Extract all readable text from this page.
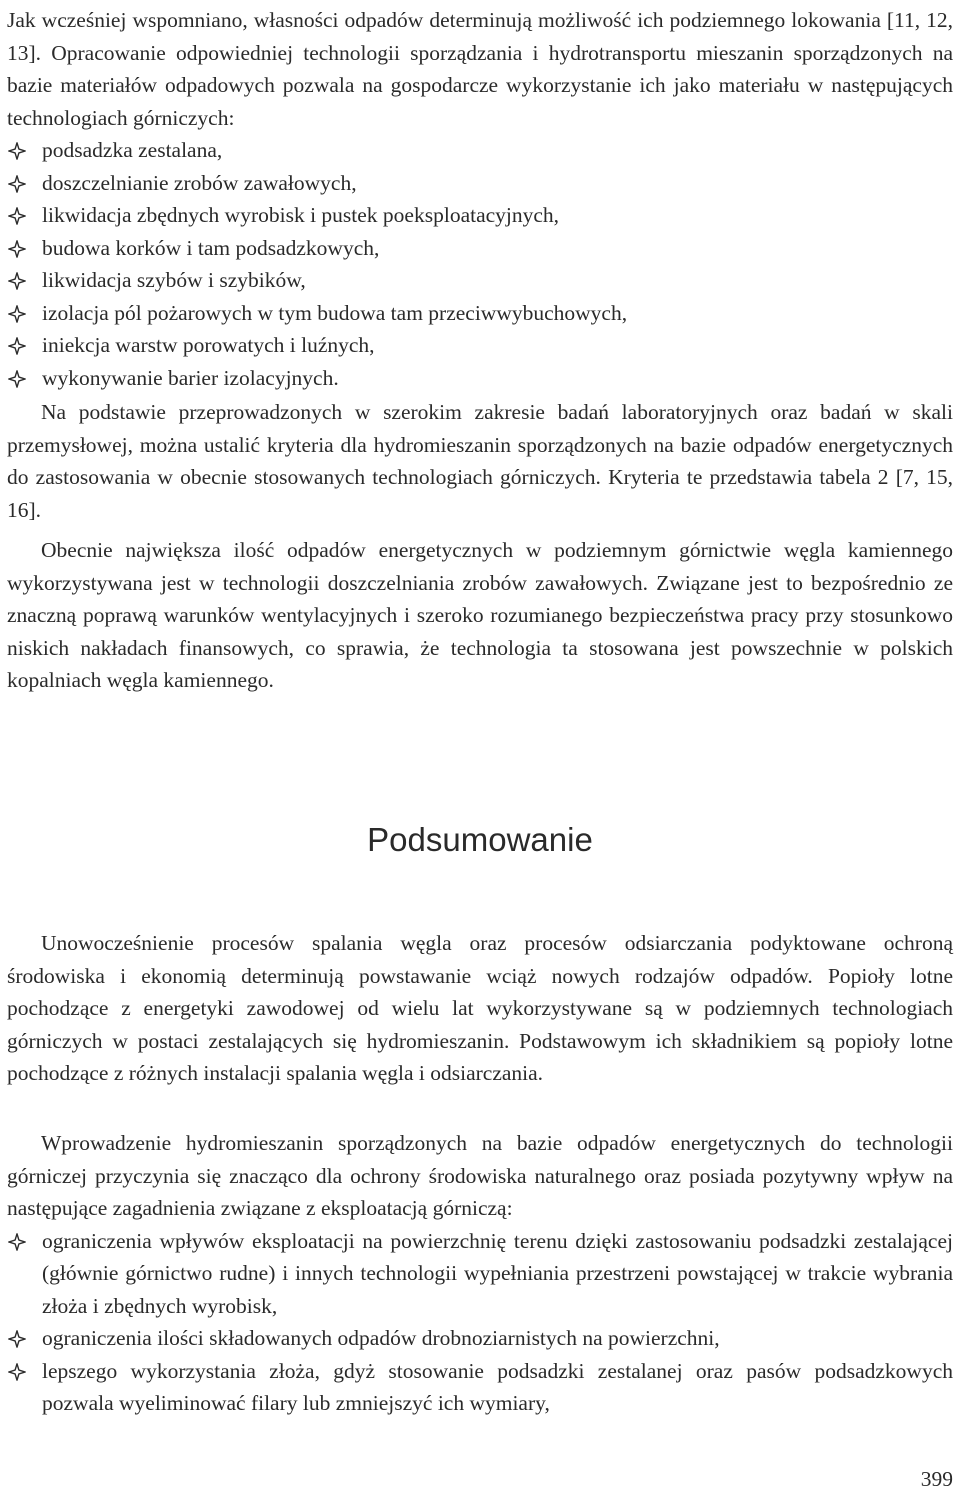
Jak wcześniej wspomniano, własności odpadów determinują możliwość ich podziemnego lokowania [11, 12, 13]. Opracowanie odpowiedniej technologii sporządzania i hydrotransportu mieszanin sporządzonych na bazie materiałów odpadowych pozwala na gospodarcze wykorzystanie ich jako materiału w następujących technologiach górniczych:

podsadzka zestalana,
doszczelnianie zrobów zawałowych,
likwidacja zbędnych wyrobisk i pustek poeksploatacyjnych,
budowa korków i tam podsadzkowych,
likwidacja szybów i szybików,
izolacja pól pożarowych w tym budowa tam przeciwwybuchowych,
iniekcja warstw porowatych i luźnych,
wykonywanie barier izolacyjnych.

Na podstawie przeprowadzonych w szerokim zakresie badań laboratoryjnych oraz badań w skali przemysłowej, można ustalić kryteria dla hydromieszanin sporządzonych na bazie odpadów energetycznych do zastosowania w obecnie stosowanych technologiach górniczych. Kryteria te przedstawia tabela 2 [7, 15, 16].

Obecnie największa ilość odpadów energetycznych w podziemnym górnictwie węgla kamiennego wykorzystywana jest w technologii doszczelniania zrobów zawałowych. Związane jest to bezpośrednio ze znaczną poprawą warunków wentylacyjnych i szeroko rozumianego bezpieczeństwa pracy przy stosunkowo niskich nakładach finansowych, co sprawia, że technologia ta stosowana jest powszechnie w polskich kopalniach węgla kamiennego.

Podsumowanie

Unowocześnienie procesów spalania węgla oraz procesów odsiarczania podyktowane ochroną środowiska i ekonomią determinują powstawanie wciąż nowych rodzajów odpadów. Popioły lotne pochodzące z energetyki zawodowej od wielu lat wykorzystywane są w podziemnych technologiach górniczych w postaci zestalających się hydromieszanin. Podstawowym ich składnikiem są popioły lotne pochodzące z różnych instalacji spalania węgla i odsiarczania.

Wprowadzenie hydromieszanin sporządzonych na bazie odpadów energetycznych do technologii górniczej przyczynia się znacząco dla ochrony środowiska naturalnego oraz posiada pozytywny wpływ na następujące zagadnienia związane z eksploatacją górniczą:

ograniczenia wpływów eksploatacji na powierzchnię terenu dzięki zastosowaniu podsadzki zestalającej (głównie górnictwo rudne) i innych technologii wypełniania przestrzeni powstającej w trakcie wybrania złoża i zbędnych wyrobisk,
ograniczenia ilości składowanych odpadów drobnoziarnistych na powierzchni,
lepszego wykorzystania złoża, gdyż stosowanie podsadzki zestalanej oraz pasów podsadzkowych pozwala wyeliminować filary lub zmniejszyć ich wymiary,
399
